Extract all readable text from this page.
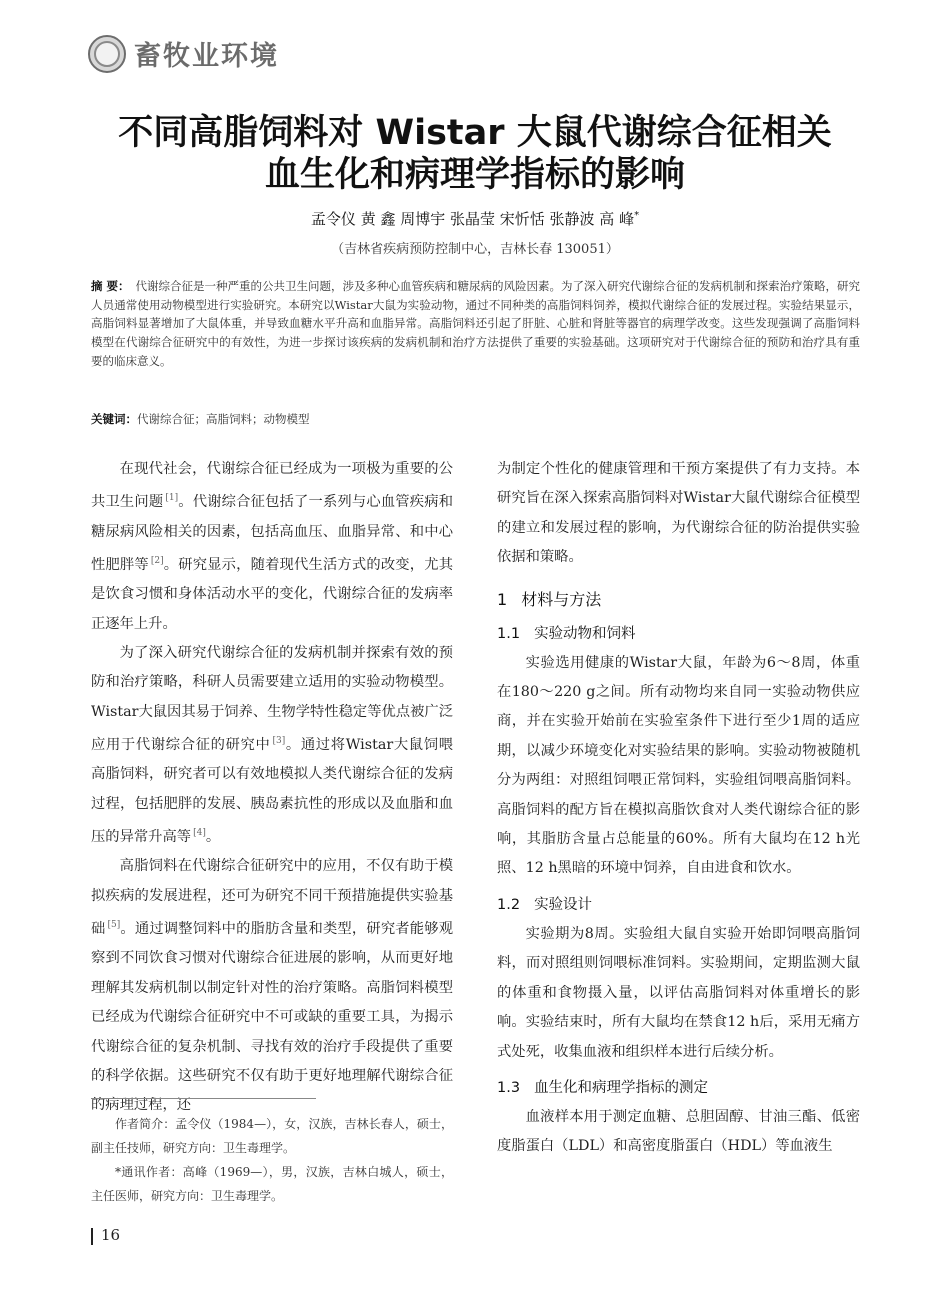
畜牧业环境
不同高脂饲料对 Wistar 大鼠代谢综合征相关
血生化和病理学指标的影响
孟令仪 黄 鑫 周博宇 张晶莹 宋忻恬 张静波 高 峰*
（吉林省疾病预防控制中心，吉林长春 130051）

摘 要： 代谢综合征是一种严重的公共卫生问题，涉及多种心血管疾病和糖尿病的风险因素。为了深入研究代谢综合征的发病机制和探索治疗策略，研究人员通常使用动物模型进行实验研究。本研究以Wistar大鼠为实验动物，通过不同种类的高脂饲料饲养，模拟代谢综合征的发展过程。实验结果显示，高脂饲料显著增加了大鼠体重，并导致血糖水平升高和血脂异常。高脂饲料还引起了肝脏、心脏和肾脏等器官的病理学改变。这些发现强调了高脂饲料模型在代谢综合征研究中的有效性，为进一步探讨该疾病的发病机制和治疗方法提供了重要的实验基础。这项研究对于代谢综合征的预防和治疗具有重要的临床意义。

关键词：代谢综合征；高脂饲料；动物模型

在现代社会，代谢综合征已经成为一项极为重要的公共卫生问题 [1]。代谢综合征包括了一系列与心血管疾病和糖尿病风险相关的因素，包括高血压、血脂异常、和中心性肥胖等 [2]。研究显示，随着现代生活方式的改变，尤其是饮食习惯和身体活动水平的变化，代谢综合征的发病率正逐年上升。

为了深入研究代谢综合征的发病机制并探索有效的预防和治疗策略，科研人员需要建立适用的实验动物模型。Wistar大鼠因其易于饲养、生物学特性稳定等优点被广泛应用于代谢综合征的研究中 [3]。通过将Wistar大鼠饲喂高脂饲料，研究者可以有效地模拟人类代谢综合征的发病过程，包括肥胖的发展、胰岛素抗性的形成以及血脂和血压的异常升高等 [4]。

高脂饲料在代谢综合征研究中的应用，不仅有助于模拟疾病的发展进程，还可为研究不同干预措施提供实验基础 [5]。通过调整饲料中的脂肪含量和类型，研究者能够观察到不同饮食习惯对代谢综合征进展的影响，从而更好地理解其发病机制以制定针对性的治疗策略。高脂饲料模型已经成为代谢综合征研究中不可或缺的重要工具，为揭示代谢综合征的复杂机制、寻找有效的治疗手段提供了重要的科学依据。这些研究不仅有助于更好地理解代谢综合征的病理过程，还

为制定个性化的健康管理和干预方案提供了有力支持。本研究旨在深入探索高脂饲料对Wistar大鼠代谢综合征模型的建立和发展过程的影响，为代谢综合征的防治提供实验依据和策略。

1 材料与方法
1.1 实验动物和饲料

实验选用健康的Wistar大鼠，年龄为6～8周，体重在180～220 g之间。所有动物均来自同一实验动物供应商，并在实验开始前在实验室条件下进行至少1周的适应期，以减少环境变化对实验结果的影响。实验动物被随机分为两组：对照组饲喂正常饲料，实验组饲喂高脂饲料。高脂饲料的配方旨在模拟高脂饮食对人类代谢综合征的影响，其脂肪含量占总能量的60%。所有大鼠均在12 h光照、12 h黑暗的环境中饲养，自由进食和饮水。

1.2 实验设计

实验期为8周。实验组大鼠自实验开始即饲喂高脂饲料，而对照组则饲喂标准饲料。实验期间，定期监测大鼠的体重和食物摄入量，以评估高脂饲料对体重增长的影响。实验结束时，所有大鼠均在禁食12 h后，采用无痛方式处死，收集血液和组织样本进行后续分析。

1.3 血生化和病理学指标的测定

血液样本用于测定血糖、总胆固醇、甘油三酯、低密度脂蛋白（LDL）和高密度脂蛋白（HDL）等血液生

作者简介：孟令仪（1984—），女，汉族，吉林长春人，硕士，副主任技师，研究方向：卫生毒理学。

*通讯作者：高峰（1969—），男，汉族，吉林白城人，硕士，主任医师，研究方向：卫生毒理学。

16
